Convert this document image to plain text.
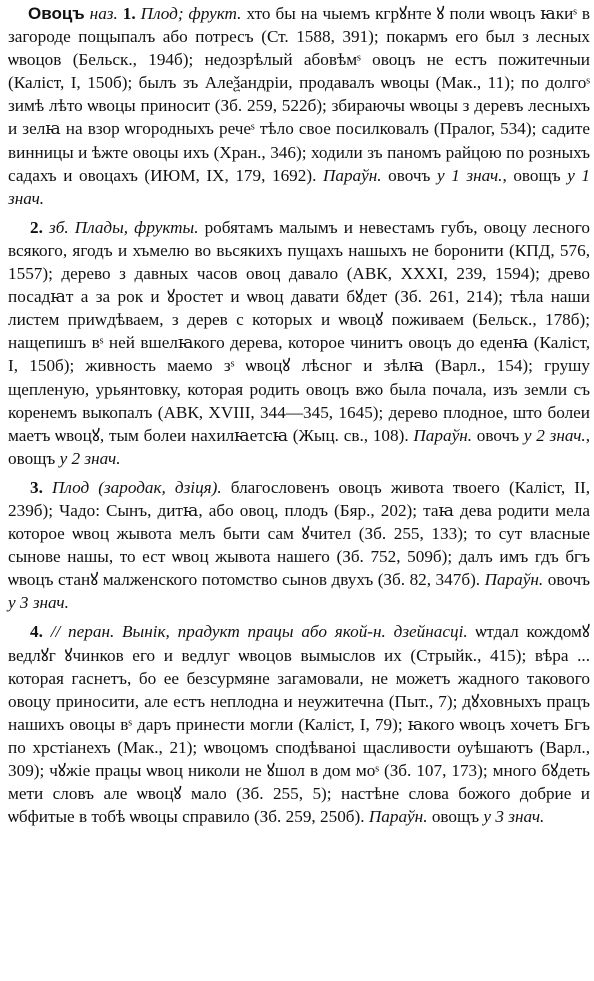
Овоцъ наз. 1. Плод; фрукт. хто бы на чыемъ кгрꙋнте ꙋ поли ѡвоцъ ꙗкиˢ в загороде пощыпалъ або потресъ (Ст. 1588, 391); покармъ его был з лесных ѡвоцов (Бельск., 194б); недозрѣлый абовѣмˢ овоцъ не естъ пожитечныи (Каліст, I, 150б); былъ зъ Алеѯандріи, продавалъ ѡвоцы (Мак., 11); по долгоˢ зимѣ лѣто ѡвоцы приносит (Зб. 259, 522б); збираючы ѡвоцы з деревъ лесныхъ и зелꙗ на взор ѡгородныхъ речеˢ тѣло свое посилковалъ (Пралог, 534); садите винницы и ѣжте овоцы ихъ (Хран., 346); ходили зъ паномъ райцою по розныхъ садахъ и овоцахъ (ИЮМ, IX, 179, 1692). Параўн. овочъ у 1 знач., овощъ у 1 знач.

2. зб. Плады, фрукты. робятамъ малымъ и невестамъ губъ, овоцу лесного всякого, ягодъ и хъмелю во вьсякихъ пущахъ нашыхъ не боронити (КПД, 576, 1557); дерево з давных часов овоц давало (АВК, XXXI, 239, 1594); древо посадꙗт а за рок и ꙋростет и ѡвоц давати бꙋдет (Зб. 261, 214); тѣла наши листем приwдѣваем, з дерев с которых и ѡвоцꙋ поживаем (Бельск., 178б); нащепишъ вˢ ней вшелꙗкого дерева, которое чинитъ овоцъ до еденꙗ (Каліст, I, 150б); живность маемо зˢ ѡвоцꙋ лѣсног и зѣлꙗ (Варл., 154); грушу щепленую, урьянтовку, которая родить овоцъ вжо была почала, изъ земли съ коренемъ выкопалъ (АВК, XVIII, 344—345, 1645); дерево плодное, што болеи маетъ ѡвоцꙋ, тым болеи нахилꙗетсꙗ (Жыц. св., 108). Параўн. овочъ у 2 знач., овощъ у 2 знач.

3. Плод (зародак, дзіця). благословенъ овоцъ живота твоего (Каліст, II, 239б); Чадо: Сынъ, дитꙗ, або овоц, плодъ (Бяр., 202); таꙗ дева родити мела которое ѡвоц жывота мелъ быти сам ꙋчител (Зб. 255, 133); то сут власные сынове нашы, то ест ѡвоц жывота нашего (Зб. 752, 509б); далъ имъ гдъ бгъ ѡвоцъ станꙋ малженского потомство сынов двухъ (Зб. 82, 347б). Параўн. овочъ у 3 знач.

4. // перан. Вынік, прадукт працы або якой-н. дзейнасці. ѡтдал кождомꙋ ведлꙋг ꙋчинков его и ведлуг ѡвоцов вымыслов их (Стрыйк., 415); вѣра ... которая гаснетъ, бо ее безсурмяне загамовали, не можетъ жадного такового овоцу приносити, але естъ неплодна и неужитечна (Пыт., 7); дꙋховныхъ працъ нашихъ овоцы вˢ даръ принести могли (Каліст, I, 79); ꙗкого ѡвоцъ хочетъ Бгъ по хрстіанехъ (Мак., 21); ѡвоцомъ сподѣваноі щасливости оуѣшаютъ (Варл., 309); чꙋжіе працы ѡвоц николи не ꙋшол в дом моˢ (Зб. 107, 173); много бꙋдеть мети словъ але ѡвоцꙋ мало (Зб. 255, 5); настѣне слова божого добрие и ѡбфитые в тобѣ ѡвоцы справило (Зб. 259, 250б). Параўн. овощъ у 3 знач.
